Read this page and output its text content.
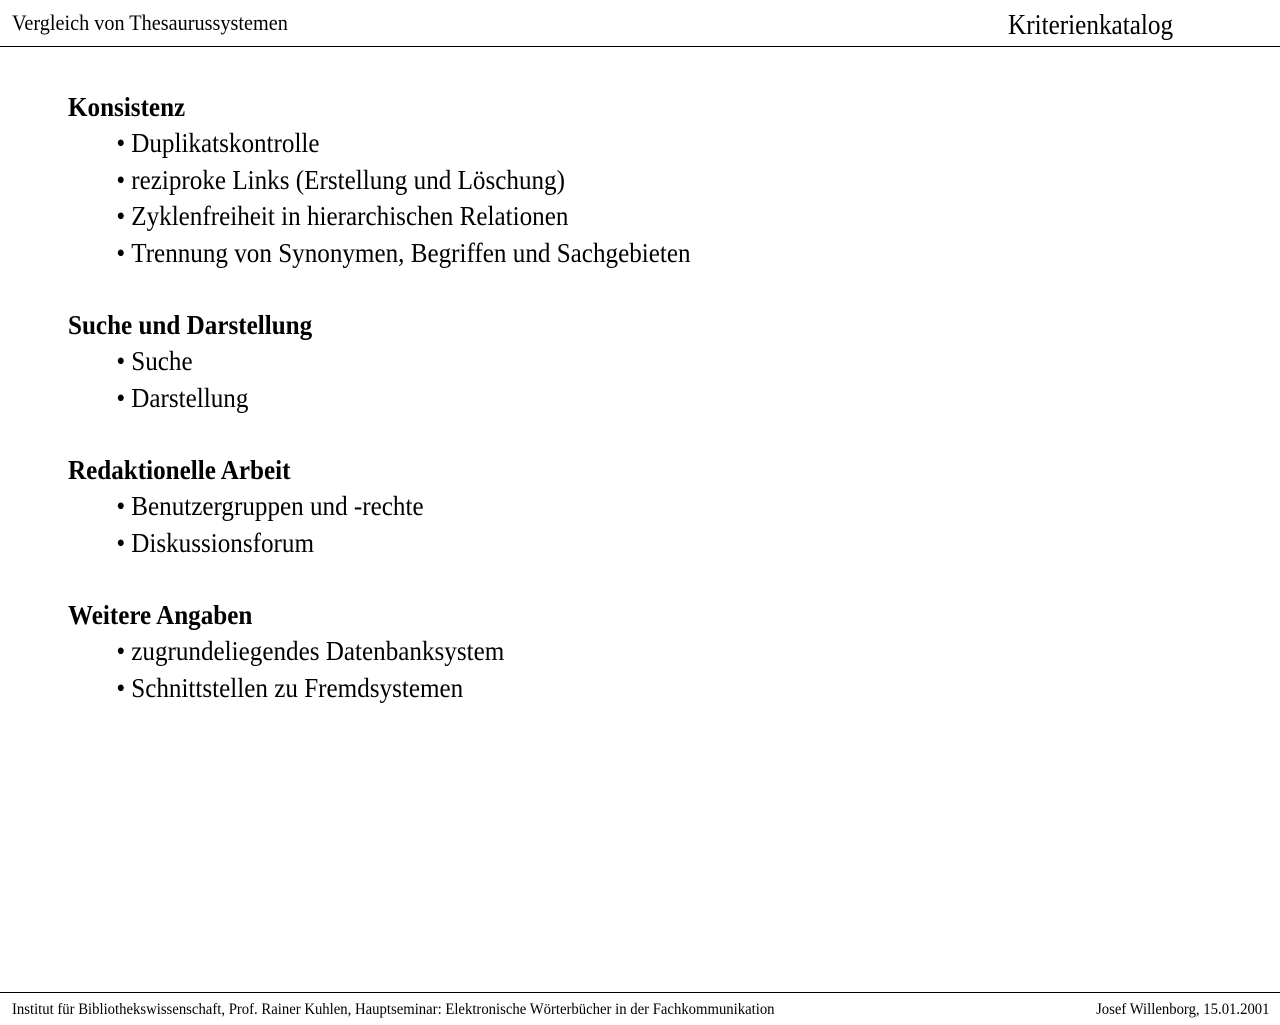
Vergleich von Thesaurussystemen	Kriterienkatalog
Konsistenz
• Duplikatskontrolle
• reziproke Links (Erstellung und Löschung)
• Zyklenfreiheit in hierarchischen Relationen
• Trennung von Synonymen, Begriffen und Sachgebieten
Suche und Darstellung
• Suche
• Darstellung
Redaktionelle Arbeit
• Benutzergruppen und -rechte
• Diskussionsforum
Weitere Angaben
• zugrundeliegendes Datenbanksystem
• Schnittstellen zu Fremdsystemen
Institut für Bibliothekswissenschaft, Prof. Rainer Kuhlen, Hauptseminar: Elektronische Wörterbücher in der Fachkommunikation	Josef Willenborg, 15.01.2001
